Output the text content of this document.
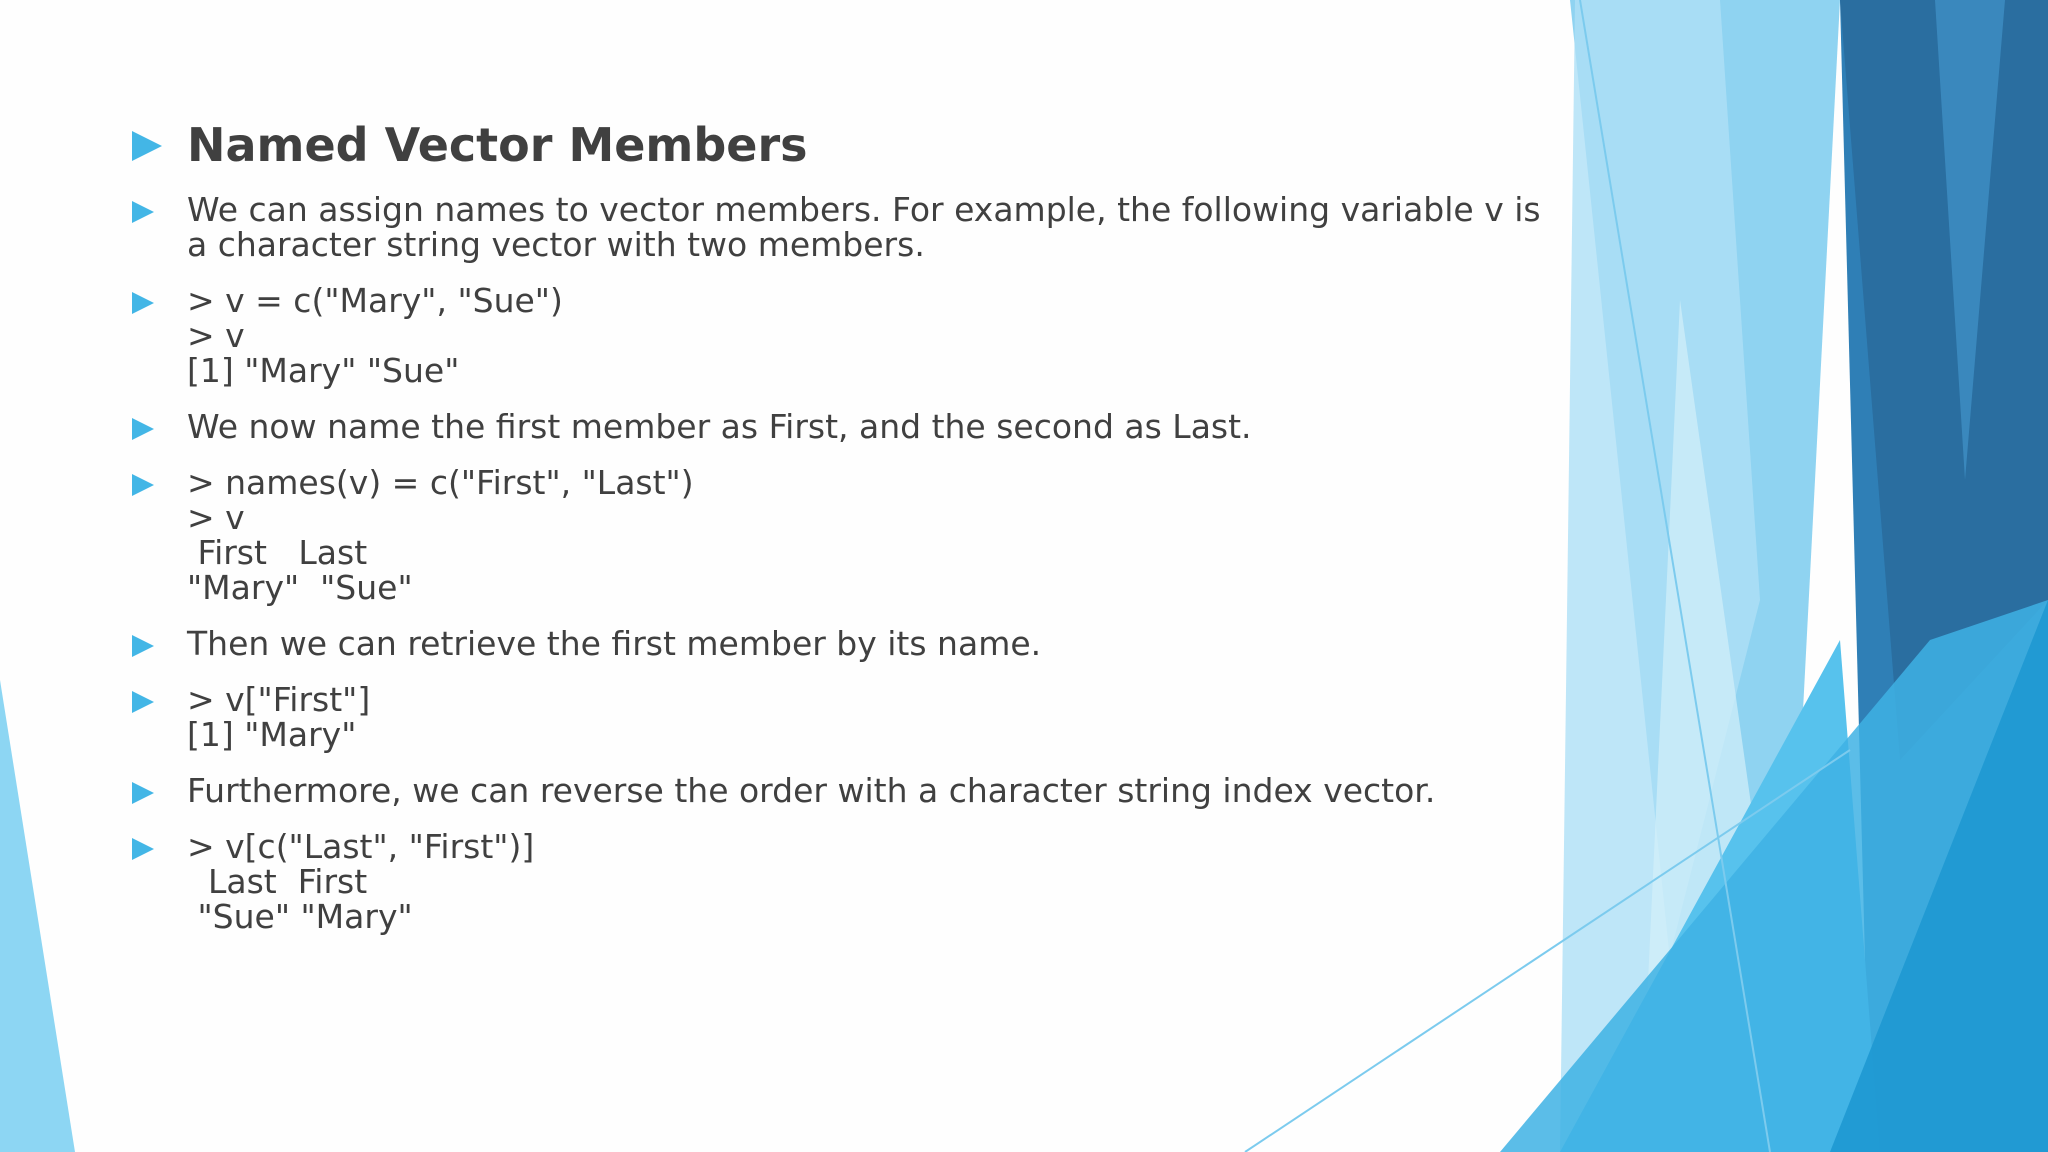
Named Vector Members
We can assign names to vector members. For example, the following variable v is
a character string vector with two members.
> v = c("Mary", "Sue")
> v
[1] "Mary" "Sue"
We now name the first member as First, and the second as Last.
> names(v) = c("First", "Last")
> v
First   Last
"Mary"  "Sue"
Then we can retrieve the first member by its name.
> v["First"]
[1] "Mary"
Furthermore, we can reverse the order with a character string index vector.
> v[c("Last", "First")]
Last  First
"Sue" "Mary"
